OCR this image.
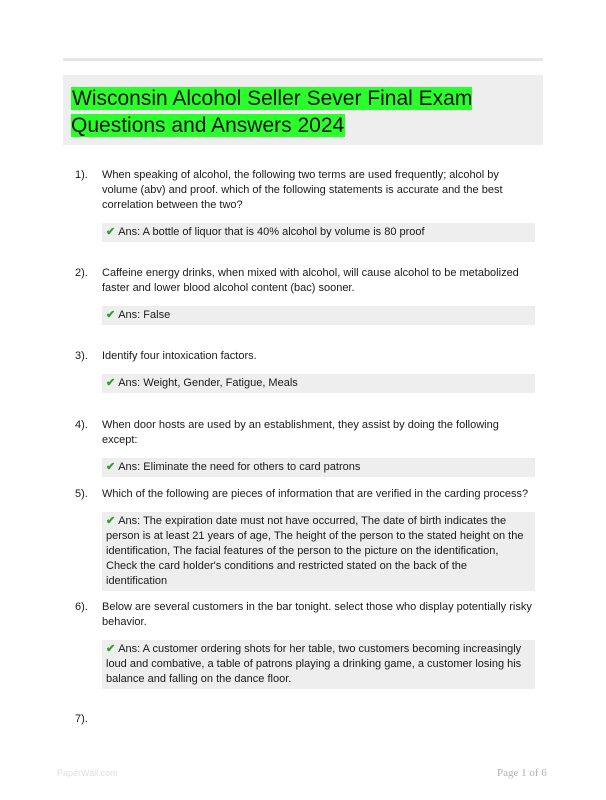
Wisconsin Alcohol Seller Sever Final Exam Questions and Answers 2024
1). When speaking of alcohol, the following two terms are used frequently; alcohol by volume (abv) and proof. which of the following statements is accurate and the best correlation between the two?
✔ Ans: A bottle of liquor that is 40% alcohol by volume is 80 proof
2). Caffeine energy drinks, when mixed with alcohol, will cause alcohol to be metabolized faster and lower blood alcohol content (bac) sooner.
✔ Ans: False
3). Identify four intoxication factors.
✔ Ans: Weight, Gender, Fatigue, Meals
4). When door hosts are used by an establishment, they assist by doing the following except:
✔ Ans: Eliminate the need for others to card patrons
5). Which of the following are pieces of information that are verified in the carding process?
✔ Ans: The expiration date must not have occurred, The date of birth indicates the person is at least 21 years of age, The height of the person to the stated height on the identification, The facial features of the person to the picture on the identification, Check the card holder's conditions and restricted stated on the back of the identification
6). Below are several customers in the bar tonight. select those who display potentially risky behavior.
✔ Ans: A customer ordering shots for her table, two customers becoming increasingly loud and combative, a table of patrons playing a drinking game, a customer losing his balance and falling on the dance floor.
7).
PaperWall.com	Page 1 of 6
